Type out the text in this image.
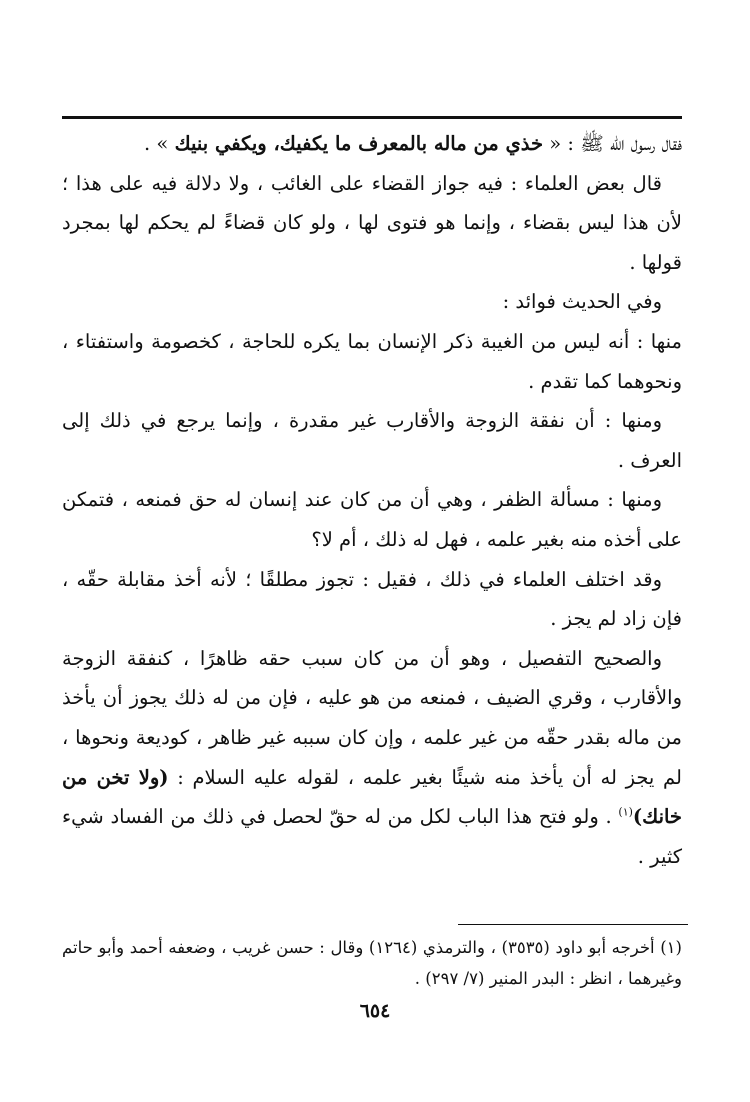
فقال رسول الله ﷺ : « خذي من ماله بالمعرف ما يكفيك، ويكفي بنيك » .

قال بعض العلماء : فيه جواز القضاء على الغائب ، ولا دلالة فيه على هذا ؛ لأن هذا ليس بقضاء ، وإنما هو فتوى لها ، ولو كان قضاءً لم يحكم لها بمجرد قولها .

وفي الحديث فوائد :

منها : أنه ليس من الغيبة ذكر الإنسان بما يكره للحاجة ، كخصومة واستفتاء ، ونحوهما كما تقدم .

ومنها : أن نفقة الزوجة والأقارب غير مقدرة ، وإنما يرجع في ذلك إلى العرف .

ومنها : مسألة الظفر ، وهي أن من كان عند إنسان له حق فمنعه ، فتمكن على أخذه منه بغير علمه ، فهل له ذلك ، أم لا؟

وقد اختلف العلماء في ذلك ، فقيل : تجوز مطلقًا ؛ لأنه أخذ مقابلة حقّه ، فإن زاد لم يجز .

والصحيح التفصيل ، وهو أن من كان سبب حقه ظاهرًا ، كنفقة الزوجة والأقارب ، وقري الضيف ، فمنعه من هو عليه ، فإن من له ذلك يجوز أن يأخذ من ماله بقدر حقّه من غير علمه ، وإن كان سببه غير ظاهر ، كوديعة ونحوها ، لم يجز له أن يأخذ منه شيئًا بغير علمه ، لقوله عليه السلام : (ولا تخن من خانك)$^{(١)}$ . ولو فتح هذا الباب لكل من له حقّ لحصل في ذلك من الفساد شيء كثير .

(١) أخرجه أبو داود (٣٥٣٥) ، والترمذي (١٢٦٤) وقال : حسن غريب ، وضعفه أحمد وأبو حاتم وغيرهما ، انظر : البدر المنير (٧/ ٢٩٧) .

٦٥٤
